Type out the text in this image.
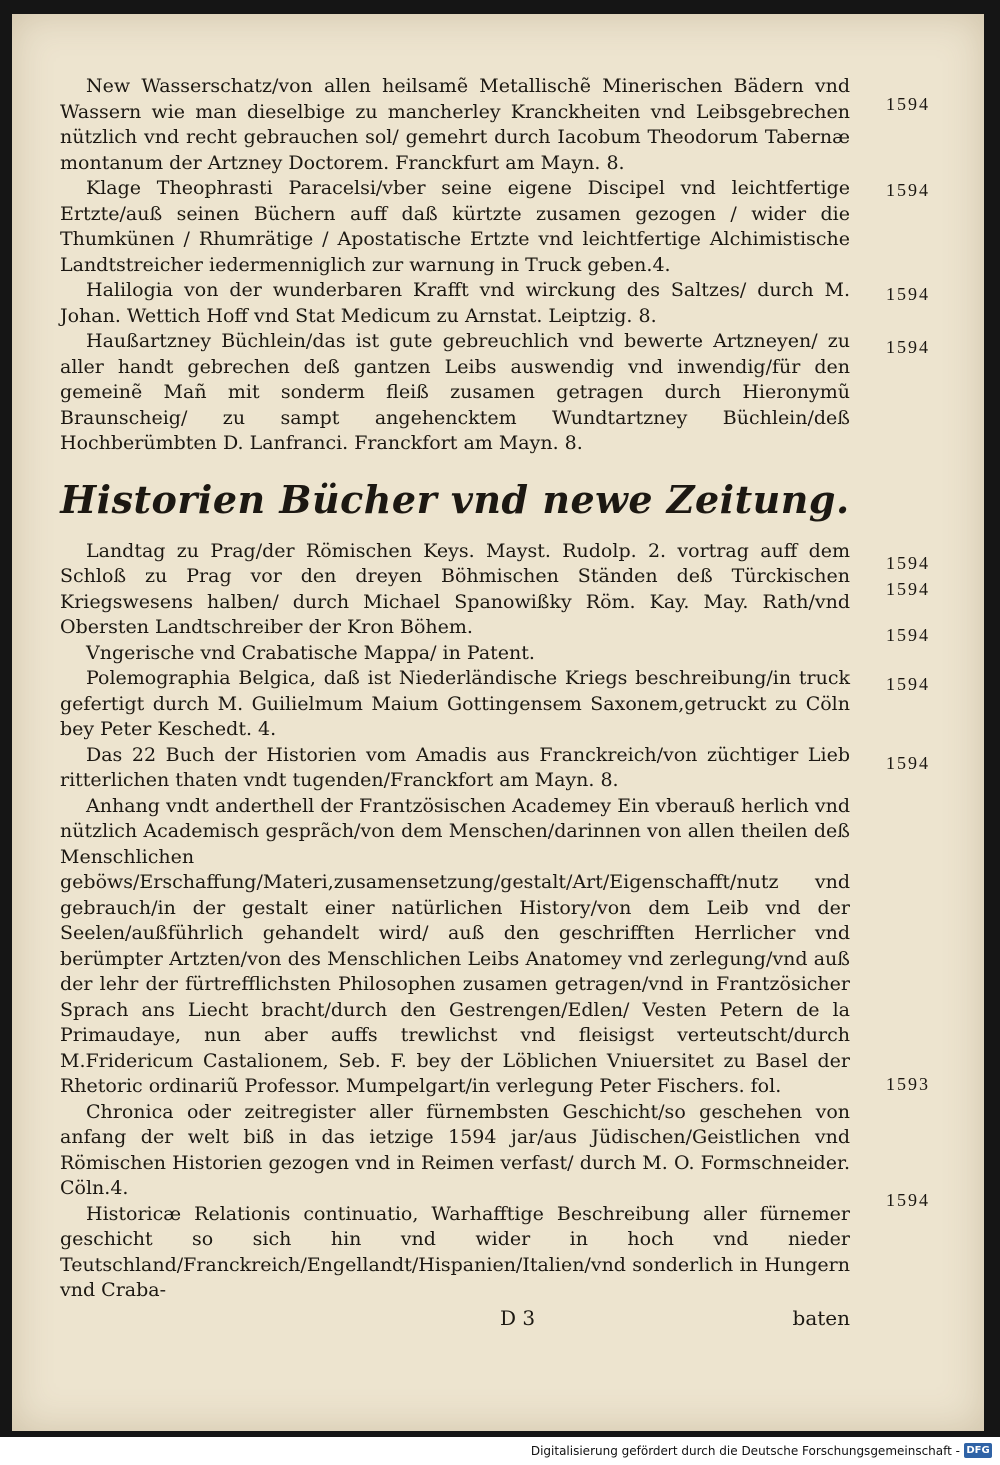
New Wasserschatz/von allen heilsamẽ Metallischẽ Minerischen Bädern vnd Wassern wie man dieselbige zu mancherley Kranckheiten vnd Leibsgebrechen nützlich vnd recht gebrauchen sol/ gemehrt durch Iacobum Theodorum Tabernæ montanum der Artzney Doctorem. Franckfurt am Mayn. 8.
1594

Klage Theophrasti Paracelsi/vber seine eigene Discipel vnd leichtfertige Ertzte/auß seinen Büchern auff daß kürtzte zusamen gezogen / wider die Thumkünen / Rhumrätige / Apostatische Ertzte vnd leichtfertige Alchimistische Landtstreicher iedermenniglich zur warnung in Truck geben.4.
1594

Halilogia von der wunderbaren Krafft vnd wirckung des Saltzes/ durch M. Johan. Wettich Hoff vnd Stat Medicum zu Arnstat. Leiptzig. 8.
1594

Haußartzney Büchlein/das ist gute gebreuchlich vnd bewerte Artzneyen/ zu aller handt gebrechen deß gantzen Leibs auswendig vnd inwendig/für den gemeinẽ Mañ mit sonderm fleiß zusamen getragen durch Hieronymũ Braunscheig/ zu sampt angehencktem Wundtartzney Büchlein/deß Hochberümbten D. Lanfranci. Franckfort am Mayn. 8.
1594

Historien Bücher vnd newe Zeitung.

Landtag zu Prag/der Römischen Keys. Mayst. Rudolp. 2. vortrag auff dem Schloß zu Prag vor den dreyen Böhmischen Ständen deß Türckischen Kriegswesens halben/ durch Michael Spanowißky Röm. Kay. May. Rath/vnd Obersten Landtschreiber der Kron Böhem.
1594
1594

Vngerische vnd Crabatische Mappa/ in Patent.
1594

Polemographia Belgica, daß ist Niederländische Kriegs beschreibung/in truck gefertigt durch M. Guilielmum Maium Gottingensem Saxonem,getruckt zu Cöln bey Peter Keschedt. 4.
1594

Das 22 Buch der Historien vom Amadis aus Franckreich/von züchtiger Lieb ritterlichen thaten vndt tugenden/Franckfort am Mayn. 8.
1594

Anhang vndt anderthell der Frantzösischen Academey Ein vberauß herlich vnd nützlich Academisch gesprãch/von dem Menschen/darinnen von allen theilen deß Menschlichen geböws/Erschaffung/Materi,zusamensetzung/gestalt/Art/Eigenschafft/nutz vnd gebrauch/in der gestalt einer natürlichen History/von dem Leib vnd der Seelen/außführlich gehandelt wird/ auß den geschrifften Herrlicher vnd berümpter Artzten/von des Menschlichen Leibs Anatomey vnd zerlegung/vnd auß der lehr der fürtrefflichsten Philosophen zusamen getragen/vnd in Frantzösicher Sprach ans Liecht bracht/durch den Gestrengen/Edlen/ Vesten Petern de la Primaudaye, nun aber auffs trewlichst vnd fleisigst verteutscht/durch M.Fridericum Castalionem, Seb. F. bey der Löblichen Vniuersitet zu Basel der Rhetoric ordinariũ Professor. Mumpelgart/in verlegung Peter Fischers. fol.	1593

Chronica oder zeitregister aller fürnembsten Geschicht/so geschehen von anfang der welt biß in das ietzige 1594 jar/aus Jüdischen/Geistlichen vnd Römischen Historien gezogen vnd in Reimen verfast/ durch M. O. Formschneider. Cöln.4.
1594

Historicæ Relationis continuatio, Warhafftige Beschreibung aller fürnemer geschicht so sich hin vnd wider in hoch vnd nieder Teutschland/Franckreich/Engellandt/Hispanien/Italien/vnd sonderlich in Hungern vnd Craba-

D 3	baten
Digitalisierung gefördert durch die Deutsche Forschungsgemeinschaft - DFG
